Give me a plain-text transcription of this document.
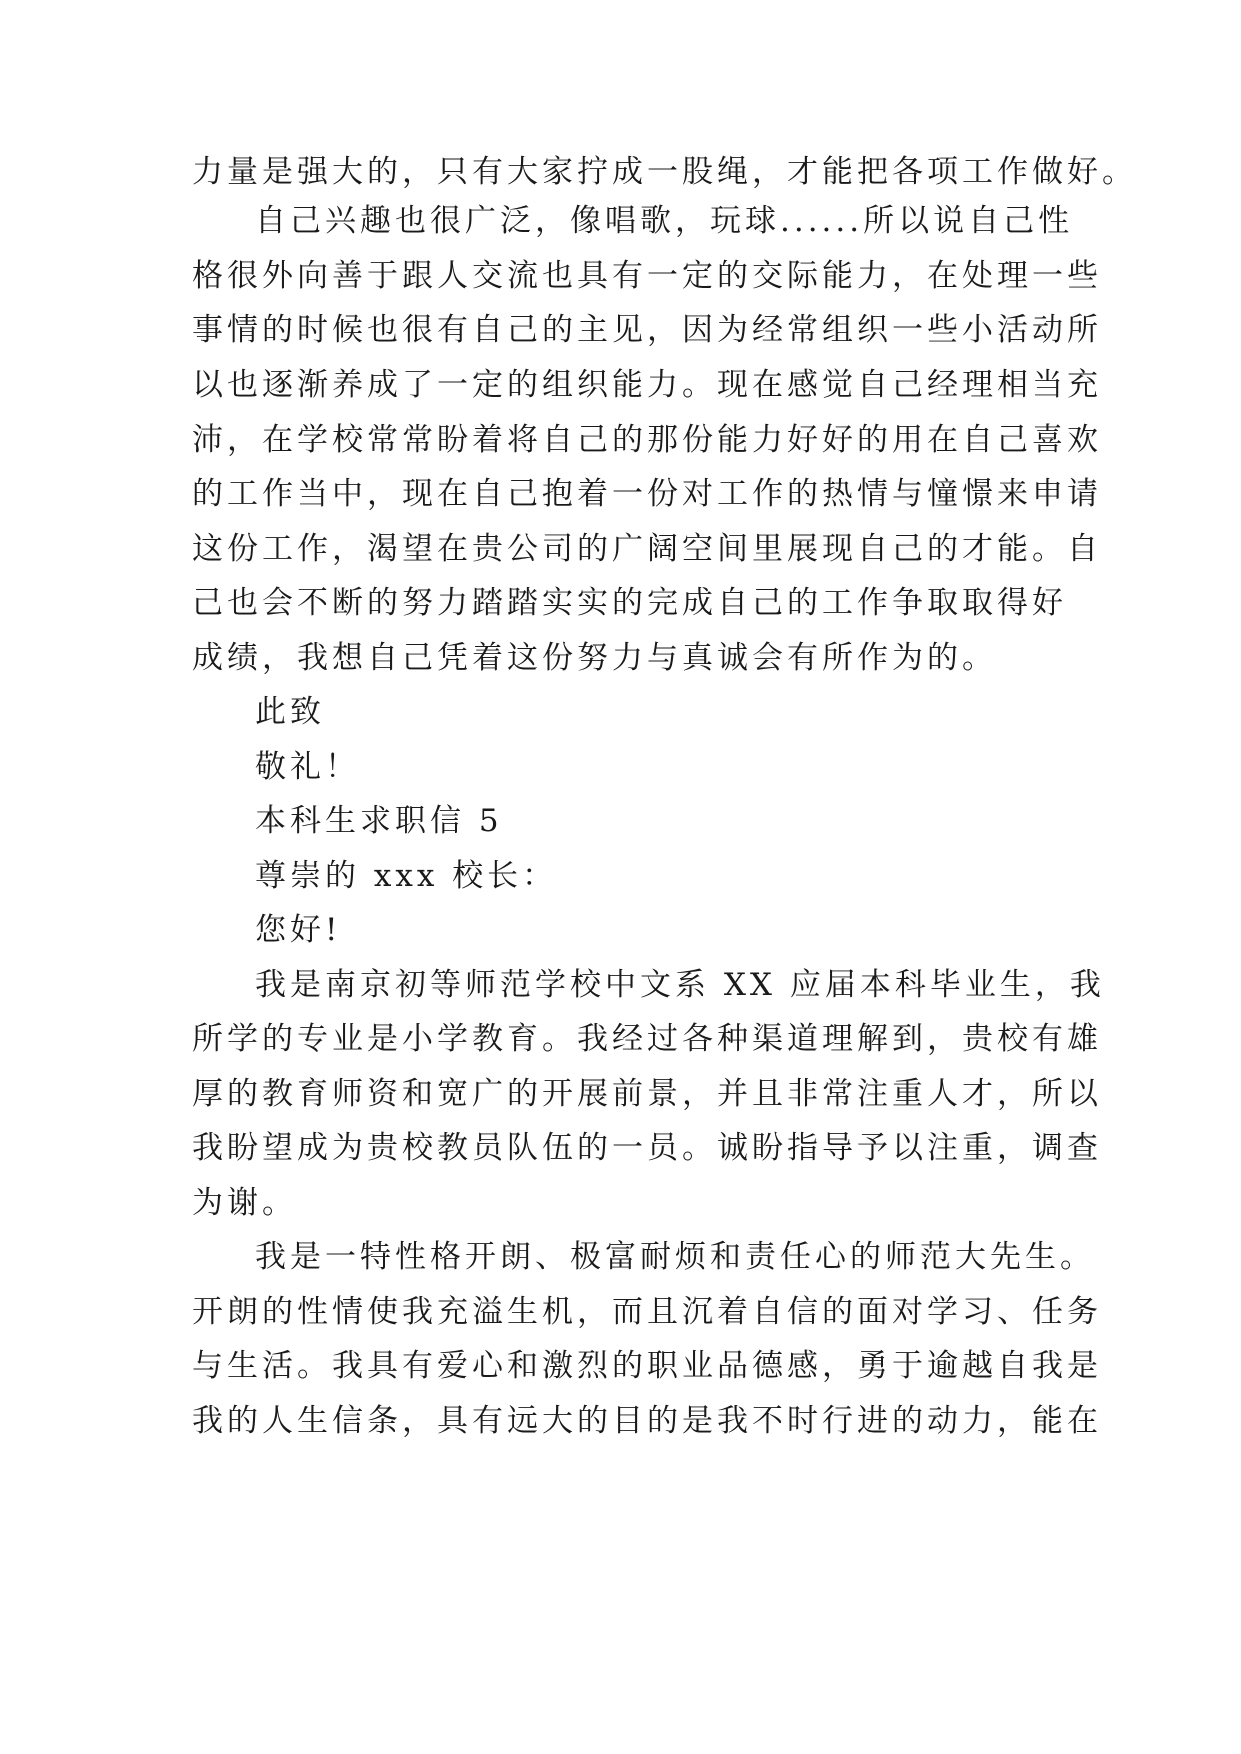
力量是强大的，只有大家拧成一股绳，才能把各项工作做好。
自己兴趣也很广泛，像唱歌，玩球......所以说自己性
格很外向善于跟人交流也具有一定的交际能力，在处理一些
事情的时候也很有自己的主见，因为经常组织一些小活动所
以也逐渐养成了一定的组织能力。现在感觉自己经理相当充
沛，在学校常常盼着将自己的那份能力好好的用在自己喜欢
的工作当中，现在自己抱着一份对工作的热情与憧憬来申请
这份工作，渴望在贵公司的广阔空间里展现自己的才能。自
己也会不断的努力踏踏实实的完成自己的工作争取取得好
成绩，我想自己凭着这份努力与真诚会有所作为的。
此致
敬礼！
本科生求职信 5
尊崇的 xxx 校长：
您好!
我是南京初等师范学校中文系 XX 应届本科毕业生，我
所学的专业是小学教育。我经过各种渠道理解到，贵校有雄
厚的教育师资和宽广的开展前景，并且非常注重人才，所以
我盼望成为贵校教员队伍的一员。诚盼指导予以注重，调查
为谢。
我是一特性格开朗、极富耐烦和责任心的师范大先生。
开朗的性情使我充溢生机，而且沉着自信的面对学习、任务
与生活。我具有爱心和激烈的职业品德感，勇于逾越自我是
我的人生信条，具有远大的目的是我不时行进的动力，能在
